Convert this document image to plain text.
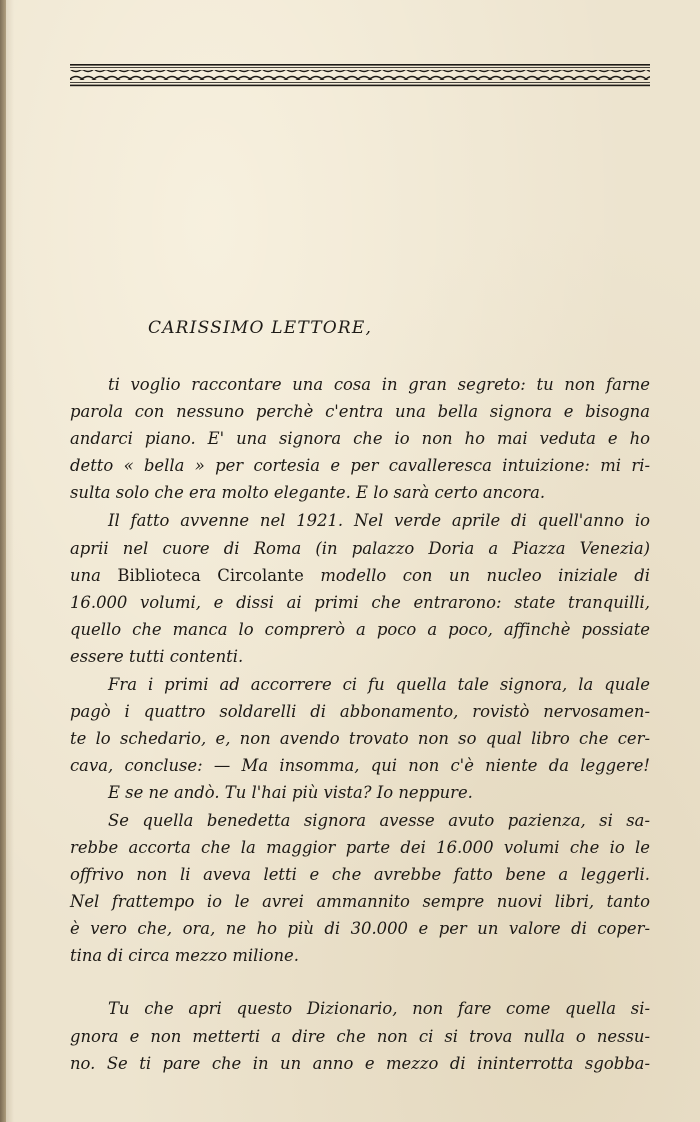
CARISSIMO LETTORE,
ti voglio raccontare una cosa in gran segreto: tu non farne
parola con nessuno perchè c'entra una bella signora e bisogna
andarci piano. E' una signora che io non ho mai veduta e ho
detto « bella » per cortesia e per cavalleresca intuizione: mi ri-
sulta solo che era molto elegante. E lo sarà certo ancora.
Il fatto avvenne nel 1921. Nel verde aprile di quell'anno io
aprii nel cuore di Roma (in palazzo Doria a Piazza Venezia)
una Biblioteca Circolante modello con un nucleo iniziale di
16.000 volumi, e dissi ai primi che entrarono: state tranquilli,
quello che manca lo comprerò a poco a poco, affinchè possiate
essere tutti contenti.
Fra i primi ad accorrere ci fu quella tale signora, la quale
pagò i quattro soldarelli di abbonamento, rovistò nervosamen-
te lo schedario, e, non avendo trovato non so qual libro che cer-
cava, concluse: — Ma insomma, qui non c'è niente da leggere!
E se ne andò. Tu l'hai più vista? Io neppure.
Se quella benedetta signora avesse avuto pazienza, si sa-
rebbe accorta che la maggior parte dei 16.000 volumi che io le
offrivo non li aveva letti e che avrebbe fatto bene a leggerli.
Nel frattempo io le avrei ammannito sempre nuovi libri, tanto
è vero che, ora, ne ho più di 30.000 e per un valore di coper-
tina di circa mezzo milione.
Tu che apri questo Dizionario, non fare come quella si-
gnora e non metterti a dire che non ci si trova nulla o nessu-
no. Se ti pare che in un anno e mezzo di ininterrotta sgobba-
